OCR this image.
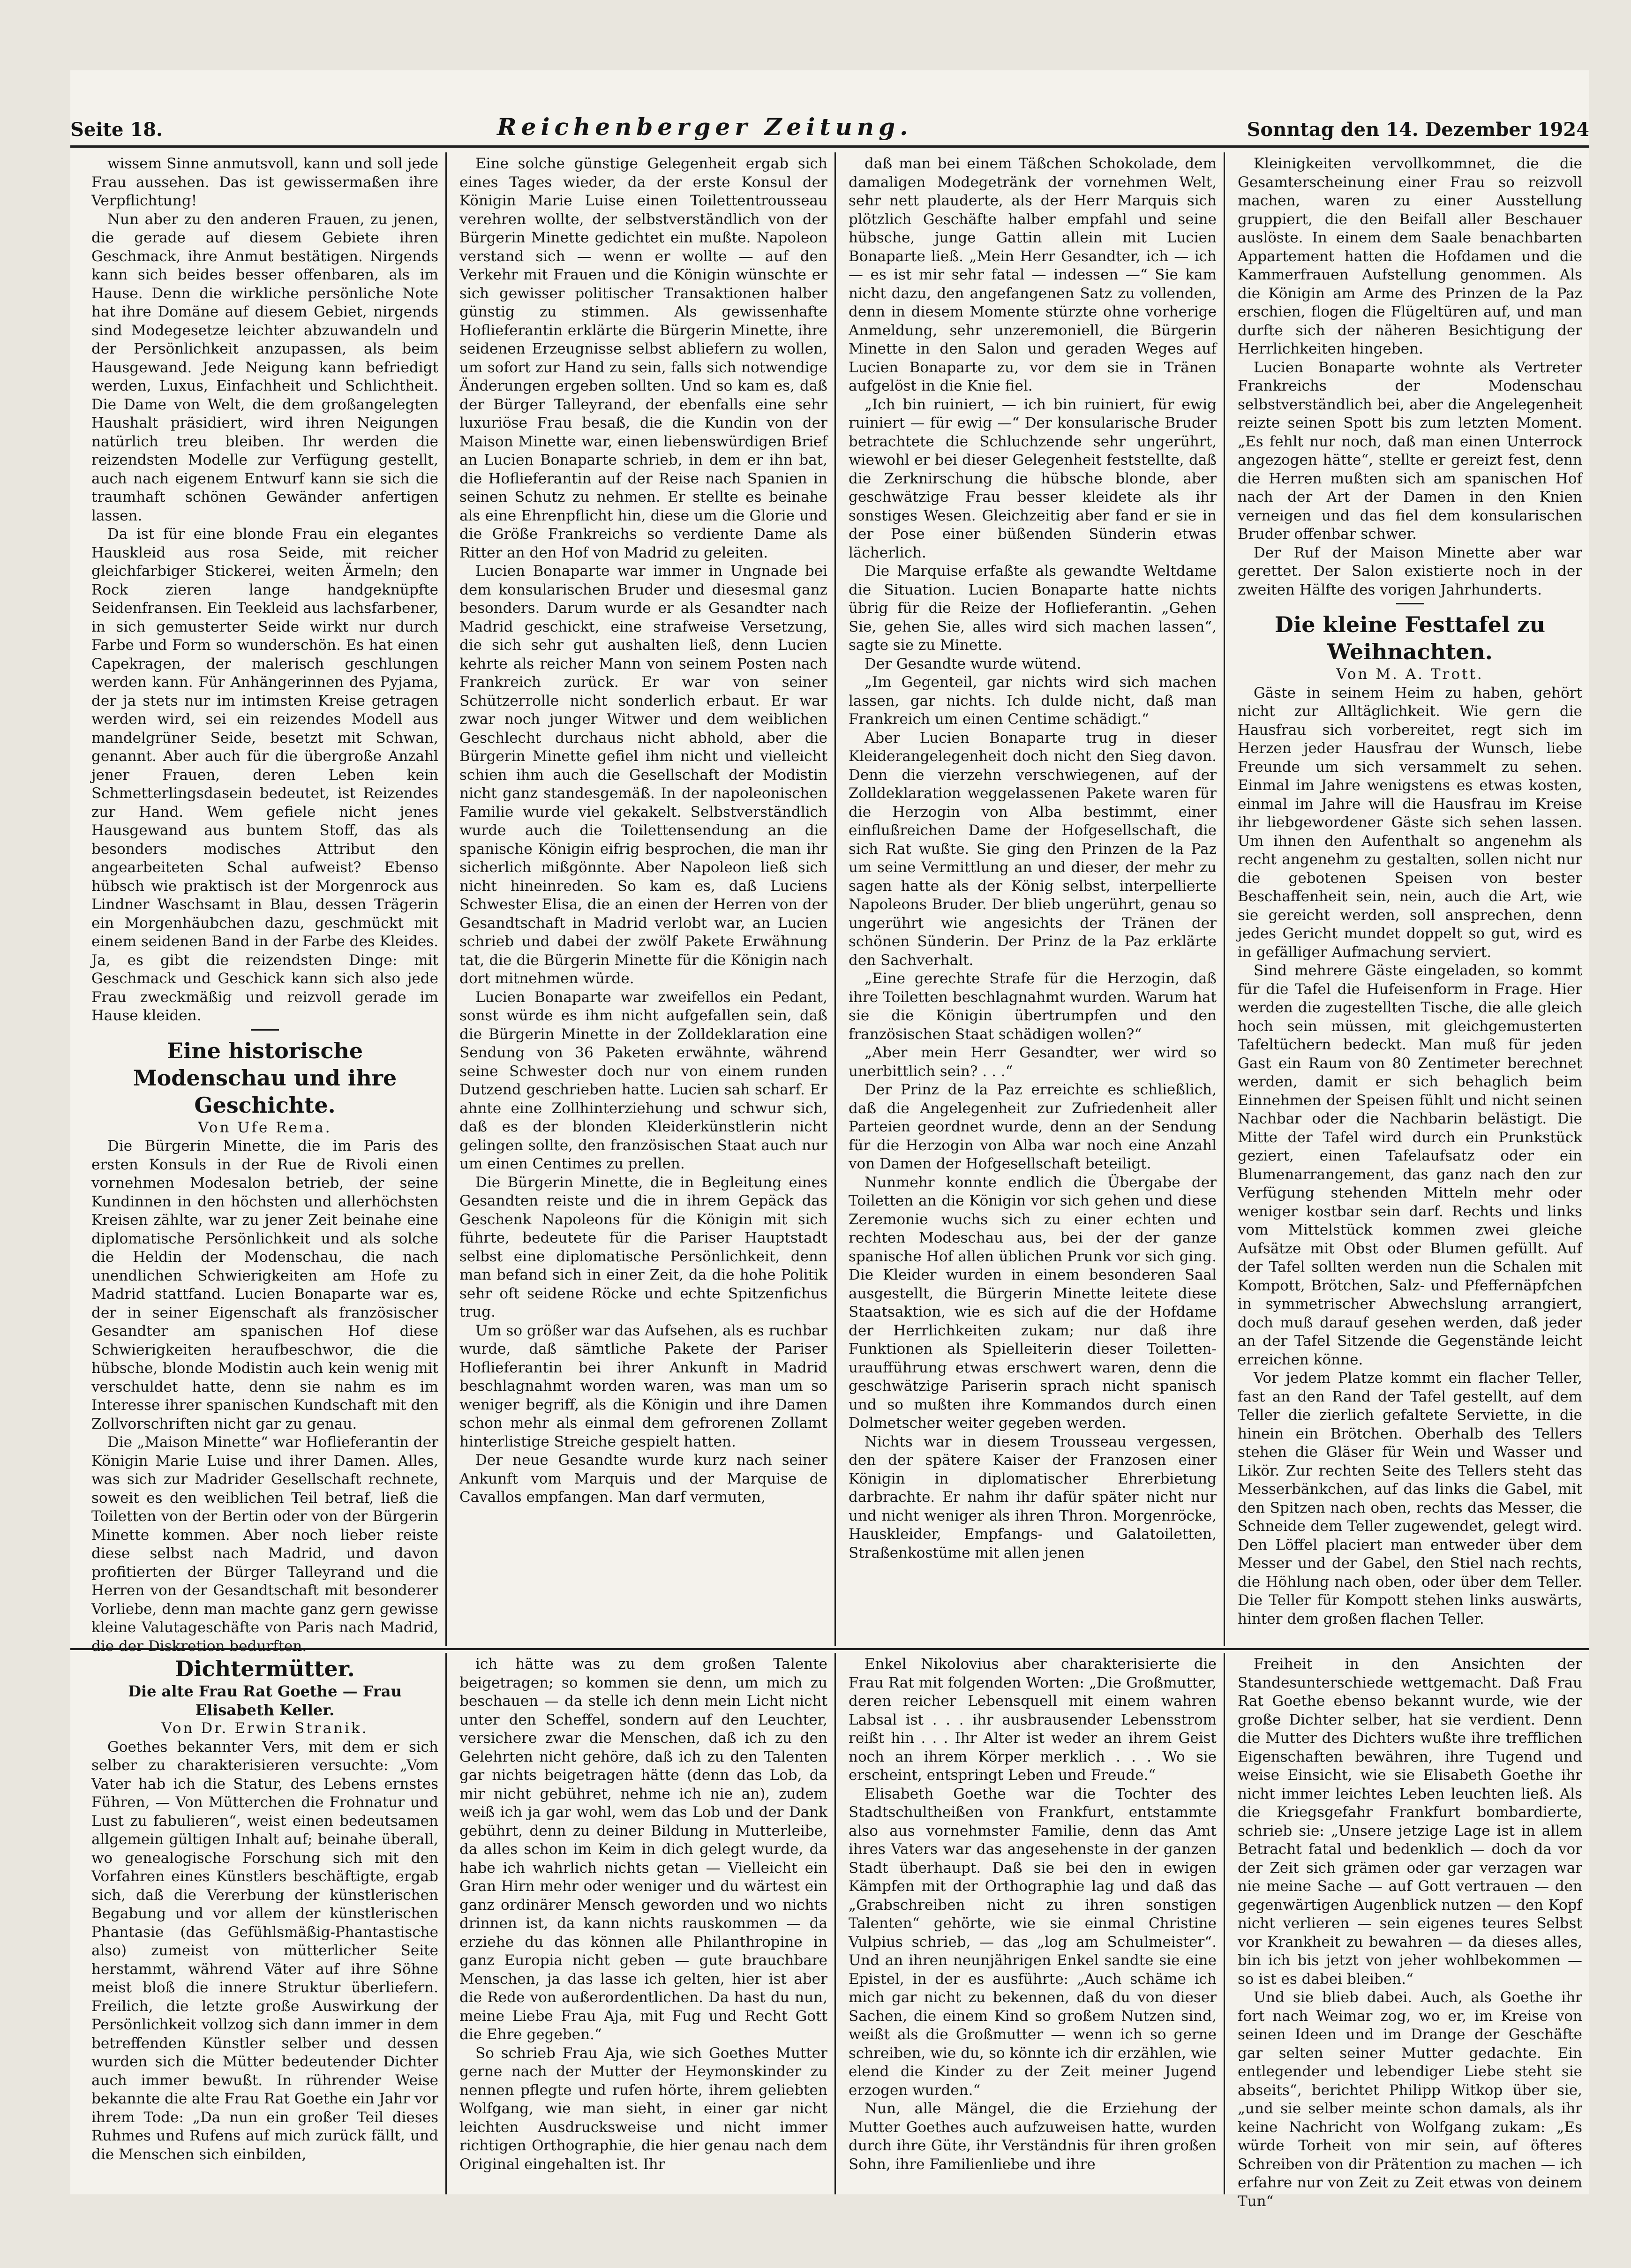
Seite 18.	Reichenberger Zeitung.	Sonntag den 14. Dezember 1924

wissem Sinne anmutsvoll, kann und soll jede Frau aussehen. Das ist gewissermaßen ihre Verpflichtung!

Nun aber zu den anderen Frauen, zu jenen, die gerade auf diesem Gebiete ihren Geschmack, ihre Anmut bestätigen. Nirgends kann sich beides besser offenbaren, als im Hause. Denn die wirkliche persönliche Note hat ihre Domäne auf diesem Gebiet, nirgends sind Modegesetze leichter abzuwandeln und der Persönlichkeit anzupassen, als beim Hausgewand. Jede Neigung kann befriedigt werden, Luxus, Einfachheit und Schlichtheit. Die Dame von Welt, die dem großangelegten Haushalt präsidiert, wird ihren Neigungen natürlich treu bleiben. Ihr werden die reizendsten Modelle zur Verfügung gestellt, auch nach eigenem Entwurf kann sie sich die traumhaft schönen Gewänder anfertigen lassen.

Da ist für eine blonde Frau ein elegantes Hauskleid aus rosa Seide, mit reicher gleichfarbiger Stickerei, weiten Ärmeln; den Rock zieren lange handgeknüpfte Seidenfransen. Ein Teekleid aus lachsfarbener, in sich gemusterter Seide wirkt nur durch Farbe und Form so wunderschön. Es hat einen Capekragen, der malerisch geschlungen werden kann. Für Anhängerinnen des Pyjama, der ja stets nur im intimsten Kreise getragen werden wird, sei ein reizendes Modell aus mandelgrüner Seide, besetzt mit Schwan, genannt. Aber auch für die übergroße Anzahl jener Frauen, deren Leben kein Schmetterlingsdasein bedeutet, ist Reizendes zur Hand. Wem gefiele nicht jenes Hausgewand aus buntem Stoff, das als besonders modisches Attribut den angearbeiteten Schal aufweist? Ebenso hübsch wie praktisch ist der Morgenrock aus Lindner Waschsamt in Blau, dessen Trägerin ein Morgenhäubchen dazu, geschmückt mit einem seidenen Band in der Farbe des Kleides. Ja, es gibt die reizendsten Dinge: mit Geschmack und Geschick kann sich also jede Frau zweckmäßig und reizvoll gerade im Hause kleiden.

Eine historische Modenschau und ihre Geschichte.

Von Ufe Rema.

Die Bürgerin Minette, die im Paris des ersten Konsuls in der Rue de Rivoli einen vornehmen Modesalon betrieb, der seine Kundinnen in den höchsten und allerhöchsten Kreisen zählte, war zu jener Zeit beinahe eine diplomatische Persönlichkeit und als solche die Heldin der Modenschau, die nach unendlichen Schwierigkeiten am Hofe zu Madrid stattfand. Lucien Bonaparte war es, der in seiner Eigenschaft als französischer Gesandter am spanischen Hof diese Schwierigkeiten heraufbeschwor, die die hübsche, blonde Modistin auch kein wenig mit verschuldet hatte, denn sie nahm es im Interesse ihrer spanischen Kundschaft mit den Zollvorschriften nicht gar zu genau.

Die „Maison Minette“ war Hoflieferantin der Königin Marie Luise und ihrer Damen. Alles, was sich zur Madrider Gesellschaft rechnete, soweit es den weiblichen Teil betraf, ließ die Toiletten von der Bertin oder von der Bürgerin Minette kommen. Aber noch lieber reiste diese selbst nach Madrid, und davon profitierten der Bürger Talleyrand und die Herren von der Gesandtschaft mit besonderer Vorliebe, denn man machte ganz gern gewisse kleine Valutageschäfte von Paris nach Madrid, die der Diskretion bedurften.

Eine solche günstige Gelegenheit ergab sich eines Tages wieder, da der erste Konsul der Königin Marie Luise einen Toilettentrousseau verehren wollte, der selbstverständlich von der Bürgerin Minette gedichtet ein mußte. Napoleon verstand sich — wenn er wollte — auf den Verkehr mit Frauen und die Königin wünschte er sich gewisser politischer Transaktionen halber günstig zu stimmen. Als gewissenhafte Hoflieferantin erklärte die Bürgerin Minette, ihre seidenen Erzeugnisse selbst abliefern zu wollen, um sofort zur Hand zu sein, falls sich notwendige Änderungen ergeben sollten. Und so kam es, daß der Bürger Talleyrand, der ebenfalls eine sehr luxuriöse Frau besaß, die die Kundin von der Maison Minette war, einen liebenswürdigen Brief an Lucien Bonaparte schrieb, in dem er ihn bat, die Hoflieferantin auf der Reise nach Spanien in seinen Schutz zu nehmen. Er stellte es beinahe als eine Ehrenpflicht hin, diese um die Glorie und die Größe Frankreichs so verdiente Dame als Ritter an den Hof von Madrid zu geleiten.

Lucien Bonaparte war immer in Ungnade bei dem konsularischen Bruder und diesesmal ganz besonders. Darum wurde er als Gesandter nach Madrid geschickt, eine strafweise Versetzung, die sich sehr gut aushalten ließ, denn Lucien kehrte als reicher Mann von seinem Posten nach Frankreich zurück. Er war von seiner Schützerrolle nicht sonderlich erbaut. Er war zwar noch junger Witwer und dem weiblichen Geschlecht durchaus nicht abhold, aber die Bürgerin Minette gefiel ihm nicht und vielleicht schien ihm auch die Gesellschaft der Modistin nicht ganz standesgemäß. In der napoleonischen Familie wurde viel gekakelt. Selbstverständlich wurde auch die Toilettensendung an die spanische Königin eifrig besprochen, die man ihr sicherlich mißgönnte. Aber Napoleon ließ sich nicht hineinreden. So kam es, daß Luciens Schwester Elisa, die an einen der Herren von der Gesandtschaft in Madrid verlobt war, an Lucien schrieb und dabei der zwölf Pakete Erwähnung tat, die die Bürgerin Minette für die Königin nach dort mitnehmen würde.

Lucien Bonaparte war zweifellos ein Pedant, sonst würde es ihm nicht aufgefallen sein, daß die Bürgerin Minette in der Zolldeklaration eine Sendung von 36 Paketen erwähnte, während seine Schwester doch nur von einem runden Dutzend geschrieben hatte. Lucien sah scharf. Er ahnte eine Zollhinterziehung und schwur sich, daß es der blonden Kleiderkünstlerin nicht gelingen sollte, den französischen Staat auch nur um einen Centimes zu prellen.

Die Bürgerin Minette, die in Begleitung eines Gesandten reiste und die in ihrem Gepäck das Geschenk Napoleons für die Königin mit sich führte, bedeutete für die Pariser Hauptstadt selbst eine diplomatische Persönlichkeit, denn man befand sich in einer Zeit, da die hohe Politik sehr oft seidene Röcke und echte Spitzenfichus trug.

Um so größer war das Aufsehen, als es ruchbar wurde, daß sämtliche Pakete der Pariser Hoflieferantin bei ihrer Ankunft in Madrid beschlagnahmt worden waren, was man um so weniger begriff, als die Königin und ihre Damen schon mehr als einmal dem gefrorenen Zollamt hinterlistige Streiche gespielt hatten.

Der neue Gesandte wurde kurz nach seiner Ankunft vom Marquis und der Marquise de Cavallos empfangen. Man darf vermuten,

daß man bei einem Täßchen Schokolade, dem damaligen Modegetränk der vornehmen Welt, sehr nett plauderte, als der Herr Marquis sich plötzlich Geschäfte halber empfahl und seine hübsche, junge Gattin allein mit Lucien Bonaparte ließ. „Mein Herr Gesandter, ich — ich — es ist mir sehr fatal — indessen —“ Sie kam nicht dazu, den angefangenen Satz zu vollenden, denn in diesem Momente stürzte ohne vorherige Anmeldung, sehr unzeremoniell, die Bürgerin Minette in den Salon und geraden Weges auf Lucien Bonaparte zu, vor dem sie in Tränen aufgelöst in die Knie fiel.

„Ich bin ruiniert, — ich bin ruiniert, für ewig ruiniert — für ewig —“ Der konsularische Bruder betrachtete die Schluchzende sehr ungerührt, wiewohl er bei dieser Gelegenheit feststellte, daß die Zerknirschung die hübsche blonde, aber geschwätzige Frau besser kleidete als ihr sonstiges Wesen. Gleichzeitig aber fand er sie in der Pose einer büßenden Sünderin etwas lächerlich.

Die Marquise erfaßte als gewandte Weltdame die Situation. Lucien Bonaparte hatte nichts übrig für die Reize der Hoflieferantin. „Gehen Sie, gehen Sie, alles wird sich machen lassen“, sagte sie zu Minette.

Der Gesandte wurde wütend.

„Im Gegenteil, gar nichts wird sich machen lassen, gar nichts. Ich dulde nicht, daß man Frankreich um einen Centime schädigt.“

Aber Lucien Bonaparte trug in dieser Kleiderangelegenheit doch nicht den Sieg davon. Denn die vierzehn verschwiegenen, auf der Zolldeklaration weggelassenen Pakete waren für die Herzogin von Alba bestimmt, einer einflußreichen Dame der Hofgesellschaft, die sich Rat wußte. Sie ging den Prinzen de la Paz um seine Vermittlung an und dieser, der mehr zu sagen hatte als der König selbst, interpellierte Napoleons Bruder. Der blieb ungerührt, genau so ungerührt wie angesichts der Tränen der schönen Sünderin. Der Prinz de la Paz erklärte den Sachverhalt.

„Eine gerechte Strafe für die Herzogin, daß ihre Toiletten beschlagnahmt wurden. Warum hat sie die Königin übertrumpfen und den französischen Staat schädigen wollen?“

„Aber mein Herr Gesandter, wer wird so unerbittlich sein? . . .“

Der Prinz de la Paz erreichte es schließlich, daß die Angelegenheit zur Zufriedenheit aller Parteien geordnet wurde, denn an der Sendung für die Herzogin von Alba war noch eine Anzahl von Damen der Hofgesellschaft beteiligt.

Nunmehr konnte endlich die Übergabe der Toiletten an die Königin vor sich gehen und diese Zeremonie wuchs sich zu einer echten und rechten Modeschau aus, bei der der ganze spanische Hof allen üblichen Prunk vor sich ging. Die Kleider wurden in einem besonderen Saal ausgestellt, die Bürgerin Minette leitete diese Staatsaktion, wie es sich auf die der Hofdame der Herrlichkeiten zukam; nur daß ihre Funktionen als Spielleiterin dieser Toiletten-uraufführung etwas erschwert waren, denn die geschwätzige Pariserin sprach nicht spanisch und so mußten ihre Kommandos durch einen Dolmetscher weiter gegeben werden.

Nichts war in diesem Trousseau vergessen, den der spätere Kaiser der Franzosen einer Königin in diplomatischer Ehrerbietung darbrachte. Er nahm ihr dafür später nicht nur und nicht weniger als ihren Thron. Morgenröcke, Hauskleider, Empfangs- und Galatoiletten, Straßenkostüme mit allen jenen

Kleinigkeiten vervollkommnet, die die Gesamterscheinung einer Frau so reizvoll machen, waren zu einer Ausstellung gruppiert, die den Beifall aller Beschauer auslöste. In einem dem Saale benachbarten Appartement hatten die Hofdamen und die Kammerfrauen Aufstellung genommen. Als die Königin am Arme des Prinzen de la Paz erschien, flogen die Flügeltüren auf, und man durfte sich der näheren Besichtigung der Herrlichkeiten hingeben.

Lucien Bonaparte wohnte als Vertreter Frankreichs der Modenschau selbstverständlich bei, aber die Angelegenheit reizte seinen Spott bis zum letzten Moment. „Es fehlt nur noch, daß man einen Unterrock angezogen hätte“, stellte er gereizt fest, denn die Herren mußten sich am spanischen Hof nach der Art der Damen in den Knien verneigen und das fiel dem konsularischen Bruder offenbar schwer.

Der Ruf der Maison Minette aber war gerettet. Der Salon existierte noch in der zweiten Hälfte des vorigen Jahrhunderts.

Die kleine Festtafel zu Weihnachten.

Von M. A. Trott.

Gäste in seinem Heim zu haben, gehört nicht zur Alltäglichkeit. Wie gern die Hausfrau sich vorbereitet, regt sich im Herzen jeder Hausfrau der Wunsch, liebe Freunde um sich versammelt zu sehen. Einmal im Jahre wenigstens es etwas kosten, einmal im Jahre will die Hausfrau im Kreise ihr liebgewordener Gäste sich sehen lassen. Um ihnen den Aufenthalt so angenehm als recht angenehm zu gestalten, sollen nicht nur die gebotenen Speisen von bester Beschaffenheit sein, nein, auch die Art, wie sie gereicht werden, soll ansprechen, denn jedes Gericht mundet doppelt so gut, wird es in gefälliger Aufmachung serviert.

Sind mehrere Gäste eingeladen, so kommt für die Tafel die Hufeisenform in Frage. Hier werden die zugestellten Tische, die alle gleich hoch sein müssen, mit gleichgemusterten Tafeltüchern bedeckt. Man muß für jeden Gast ein Raum von 80 Zentimeter berechnet werden, damit er sich behaglich beim Einnehmen der Speisen fühlt und nicht seinen Nachbar oder die Nachbarin belästigt. Die Mitte der Tafel wird durch ein Prunkstück geziert, einen Tafelaufsatz oder ein Blumenarrangement, das ganz nach den zur Verfügung stehenden Mitteln mehr oder weniger kostbar sein darf. Rechts und links vom Mittelstück kommen zwei gleiche Aufsätze mit Obst oder Blumen gefüllt. Auf der Tafel sollten werden nun die Schalen mit Kompott, Brötchen, Salz- und Pfeffernäpfchen in symmetrischer Abwechslung arrangiert, doch muß darauf gesehen werden, daß jeder an der Tafel Sitzende die Gegenstände leicht erreichen könne.

Vor jedem Platze kommt ein flacher Teller, fast an den Rand der Tafel gestellt, auf dem Teller die zierlich gefaltete Serviette, in die hinein ein Brötchen. Oberhalb des Tellers stehen die Gläser für Wein und Wasser und Likör. Zur rechten Seite des Tellers steht das Messerbänkchen, auf das links die Gabel, mit den Spitzen nach oben, rechts das Messer, die Schneide dem Teller zugewendet, gelegt wird. Den Löffel placiert man entweder über dem Messer und der Gabel, den Stiel nach rechts, die Höhlung nach oben, oder über dem Teller. Die Teller für Kompott stehen links auswärts, hinter dem großen flachen Teller.

Dichtermütter.

Die alte Frau Rat Goethe — Frau Elisabeth Keller.

Von Dr. Erwin Stranik.

Goethes bekannter Vers, mit dem er sich selber zu charakterisieren versuchte: „Vom Vater hab ich die Statur, des Lebens ernstes Führen, — Von Mütterchen die Frohnatur und Lust zu fabulieren“, weist einen bedeutsamen allgemein gültigen Inhalt auf; beinahe überall, wo genealogische Forschung sich mit den Vorfahren eines Künstlers beschäftigte, ergab sich, daß die Vererbung der künstlerischen Begabung und vor allem der künstlerischen Phantasie (das Gefühlsmäßig-Phantastische also) zumeist von mütterlicher Seite herstammt, während Väter auf ihre Söhne meist bloß die innere Struktur überliefern. Freilich, die letzte große Auswirkung der Persönlichkeit vollzog sich dann immer in dem betreffenden Künstler selber und dessen wurden sich die Mütter bedeutender Dichter auch immer bewußt. In rührender Weise bekannte die alte Frau Rat Goethe ein Jahr vor ihrem Tode: „Da nun ein großer Teil dieses Ruhmes und Rufens auf mich zurück fällt, und die Menschen sich einbilden,

ich hätte was zu dem großen Talente beigetragen; so kommen sie denn, um mich zu beschauen — da stelle ich denn mein Licht nicht unter den Scheffel, sondern auf den Leuchter, versichere zwar die Menschen, daß ich zu den Gelehrten nicht gehöre, daß ich zu den Talenten gar nichts beigetragen hätte (denn das Lob, da mir nicht gebühret, nehme ich nie an), zudem weiß ich ja gar wohl, wem das Lob und der Dank gebührt, denn zu deiner Bildung in Mutterleibe, da alles schon im Keim in dich gelegt wurde, da habe ich wahrlich nichts getan — Vielleicht ein Gran Hirn mehr oder weniger und du wärtest ein ganz ordinärer Mensch geworden und wo nichts drinnen ist, da kann nichts rauskommen — da erziehe du das können alle Philanthropine in ganz Europia nicht geben — gute brauchbare Menschen, ja das lasse ich gelten, hier ist aber die Rede von außerordentlichen. Da hast du nun, meine Liebe Frau Aja, mit Fug und Recht Gott die Ehre gegeben.“

So schrieb Frau Aja, wie sich Goethes Mutter gerne nach der Mutter der Heymonskinder zu nennen pflegte und rufen hörte, ihrem geliebten Wolfgang, wie man sieht, in einer gar nicht leichten Ausdrucksweise und nicht immer richtigen Orthographie, die hier genau nach dem Original eingehalten ist. Ihr

Enkel Nikolovius aber charakterisierte die Frau Rat mit folgenden Worten: „Die Großmutter, deren reicher Lebensquell mit einem wahren Labsal ist . . . ihr ausbrausender Lebensstrom reißt hin . . . Ihr Alter ist weder an ihrem Geist noch an ihrem Körper merklich . . . Wo sie erscheint, entspringt Leben und Freude.“

Elisabeth Goethe war die Tochter des Stadtschultheißen von Frankfurt, entstammte also aus vornehmster Familie, denn das Amt ihres Vaters war das angesehenste in der ganzen Stadt überhaupt. Daß sie bei den in ewigen Kämpfen mit der Orthographie lag und daß das „Grabschreiben nicht zu ihren sonstigen Talenten“ gehörte, wie sie einmal Christine Vulpius schrieb, — das „log am Schulmeister“. Und an ihren neunjährigen Enkel sandte sie eine Epistel, in der es ausführte: „Auch schäme ich mich gar nicht zu bekennen, daß du von dieser Sachen, die einem Kind so großem Nutzen sind, weißt als die Großmutter — wenn ich so gerne schreiben, wie du, so könnte ich dir erzählen, wie elend die Kinder zu der Zeit meiner Jugend erzogen wurden.“

Nun, alle Mängel, die die Erziehung der Mutter Goethes auch aufzuweisen hatte, wurden durch ihre Güte, ihr Verständnis für ihren großen Sohn, ihre Familienliebe und ihre

Freiheit in den Ansichten der Standesunterschiede wettgemacht. Daß Frau Rat Goethe ebenso bekannt wurde, wie der große Dichter selber, hat sie verdient. Denn die Mutter des Dichters wußte ihre trefflichen Eigenschaften bewähren, ihre Tugend und weise Einsicht, wie sie Elisabeth Goethe ihr nicht immer leichtes Leben leuchten ließ. Als die Kriegsgefahr Frankfurt bombardierte, schrieb sie: „Unsere jetzige Lage ist in allem Betracht fatal und bedenklich — doch da vor der Zeit sich grämen oder gar verzagen war nie meine Sache — auf Gott vertrauen — den gegenwärtigen Augenblick nutzen — den Kopf nicht verlieren — sein eigenes teures Selbst vor Krankheit zu bewahren — da dieses alles, bin ich bis jetzt von jeher wohlbekommen — so ist es dabei bleiben.“

Und sie blieb dabei. Auch, als Goethe ihr fort nach Weimar zog, wo er, im Kreise von seinen Ideen und im Drange der Geschäfte gar selten seiner Mutter gedachte. Ein entlegender und lebendiger Liebe steht sie abseits“, berichtet Philipp Witkop über sie, „und sie selber meinte schon damals, als ihr keine Nachricht von Wolfgang zukam: „Es würde Torheit von mir sein, auf öfteres Schreiben von dir Prätention zu machen — ich erfahre nur von Zeit zu Zeit etwas von deinem Tun“
